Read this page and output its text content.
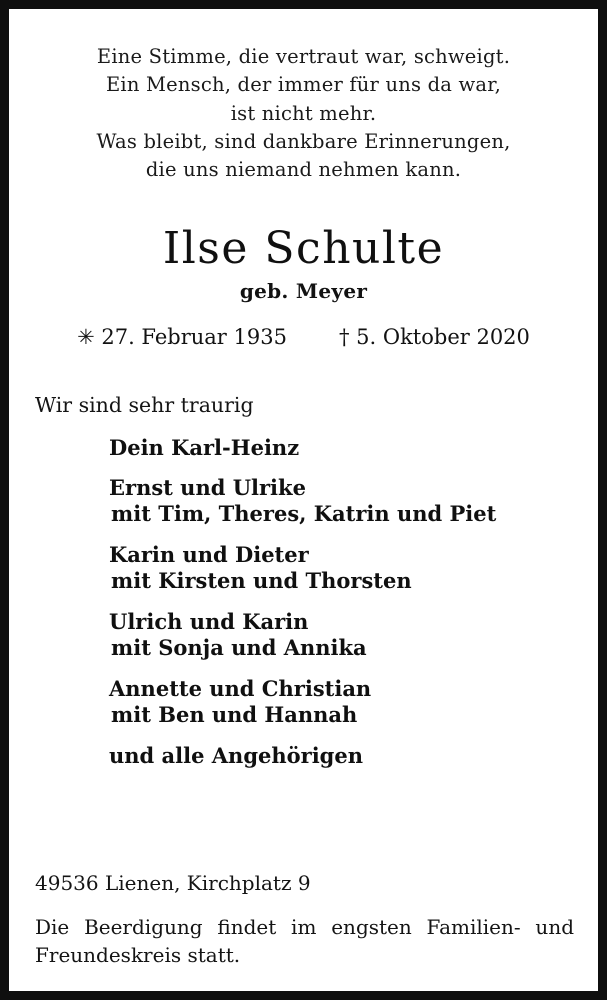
Eine Stimme, die vertraut war, schweigt.
Ein Mensch, der immer für uns da war,
ist nicht mehr.
Was bleibt, sind dankbare Erinnerungen,
die uns niemand nehmen kann.
Ilse Schulte
geb. Meyer
✳ 27. Februar 1935 † 5. Oktober 2020
Wir sind sehr traurig
Dein Karl-Heinz
Ernst und Ulrike
mit Tim, Theres, Katrin und Piet
Karin und Dieter
mit Kirsten und Thorsten
Ulrich und Karin
mit Sonja und Annika
Annette und Christian
mit Ben und Hannah
und alle Angehörigen
49536 Lienen, Kirchplatz 9
Die Beerdigung findet im engsten Familien- und Freundeskreis statt.
